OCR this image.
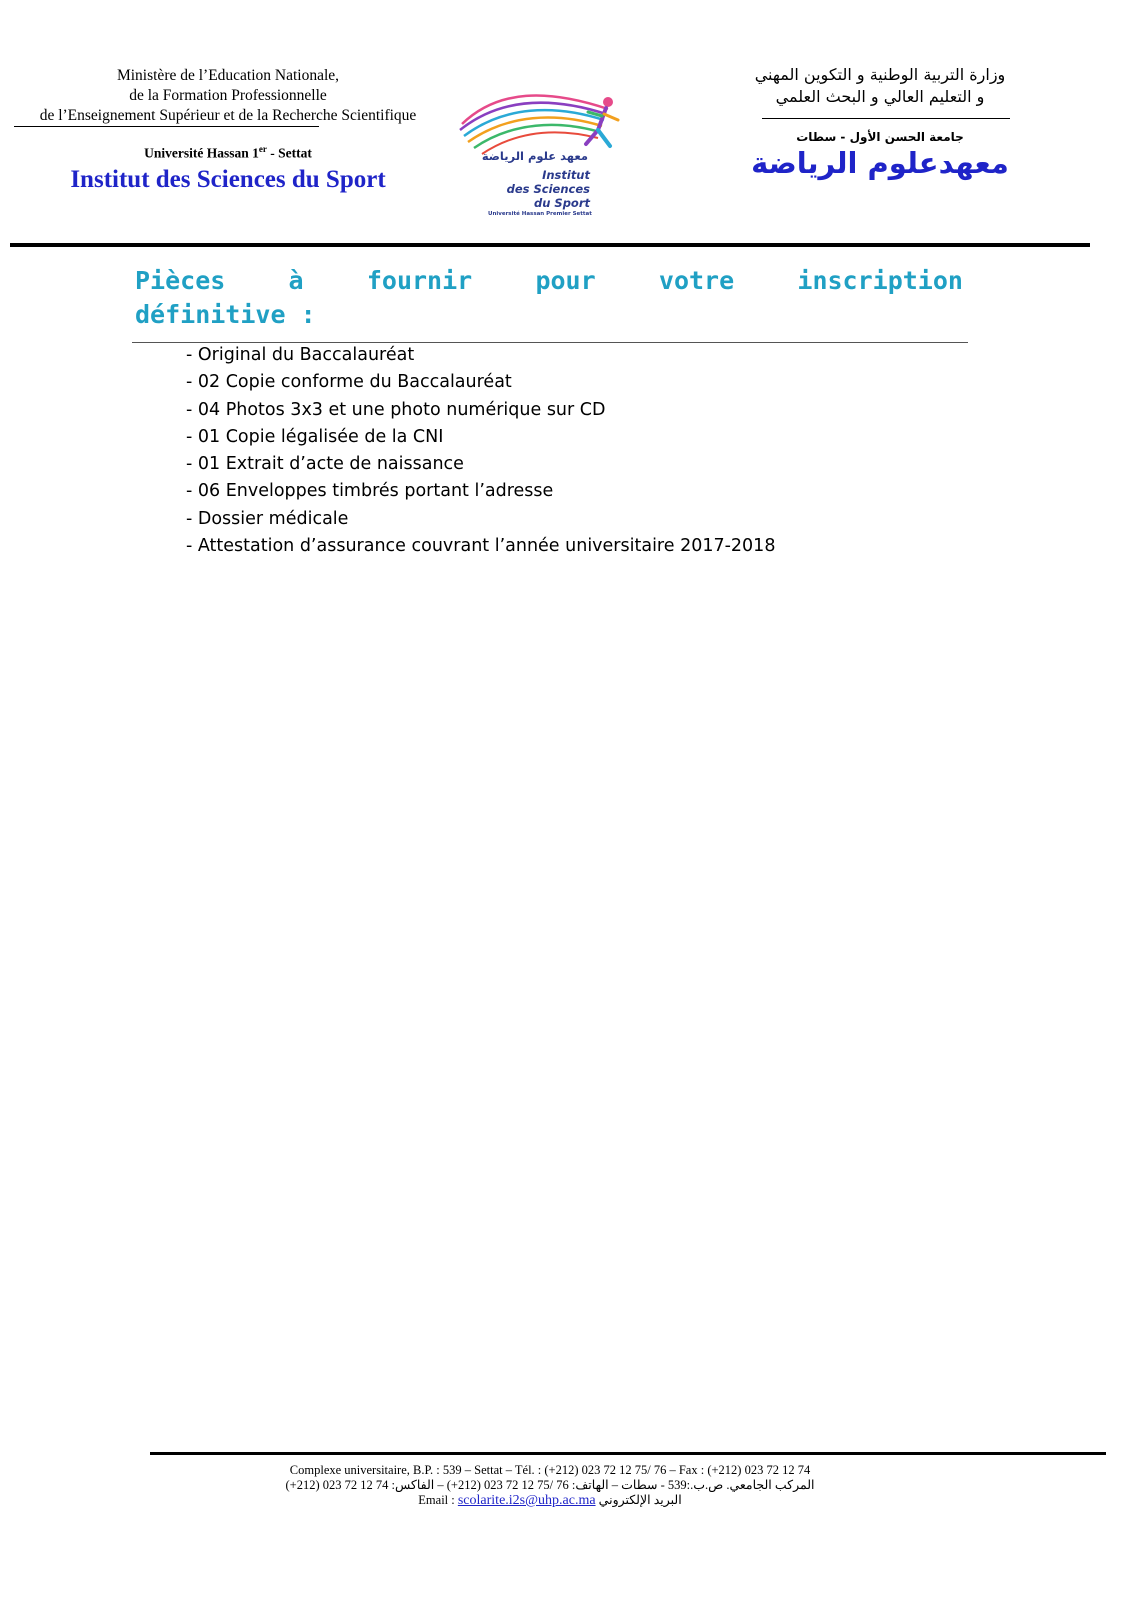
Ministère de l’Education Nationale,
de la Formation Professionnelle
de l’Enseignement Supérieur et de la Recherche Scientifique
Université Hassan 1er - Settat
Institut des Sciences du Sport
معهد علوم الرياضة
Institut
des Sciences
du Sport
Université Hassan Premier Settat
وزارة التربية الوطنية و التكوين المهني
و التعليم العالي و البحث العلمي
جامعة الحسن الأول - سطات
معهدعلوم الرياضة
Pièces	à	fournir	pour	votre	inscription
définitive :
- Original du Baccalauréat
- 02 Copie conforme du Baccalauréat
- 04 Photos 3x3 et une photo numérique sur CD
- 01 Copie légalisée de la CNI
- 01 Extrait d’acte de naissance
- 06 Enveloppes timbrés portant l’adresse
- Dossier médicale
- Attestation d’assurance couvrant l’année universitaire 2017-2018
Complexe universitaire, B.P. : 539 – Settat – Tél. : (+212) 023 72 12 75/ 76 – Fax : (+212) 023 72 12 74
المركب الجامعي. ص.ب.:539 - سطات – الهاتف: 76 /75 12 72 023 (212+) – الفاكس: 74 12 72 023 (212+)
Email : scolarite.i2s@uhp.ac.ma البريد الإلكتروني
